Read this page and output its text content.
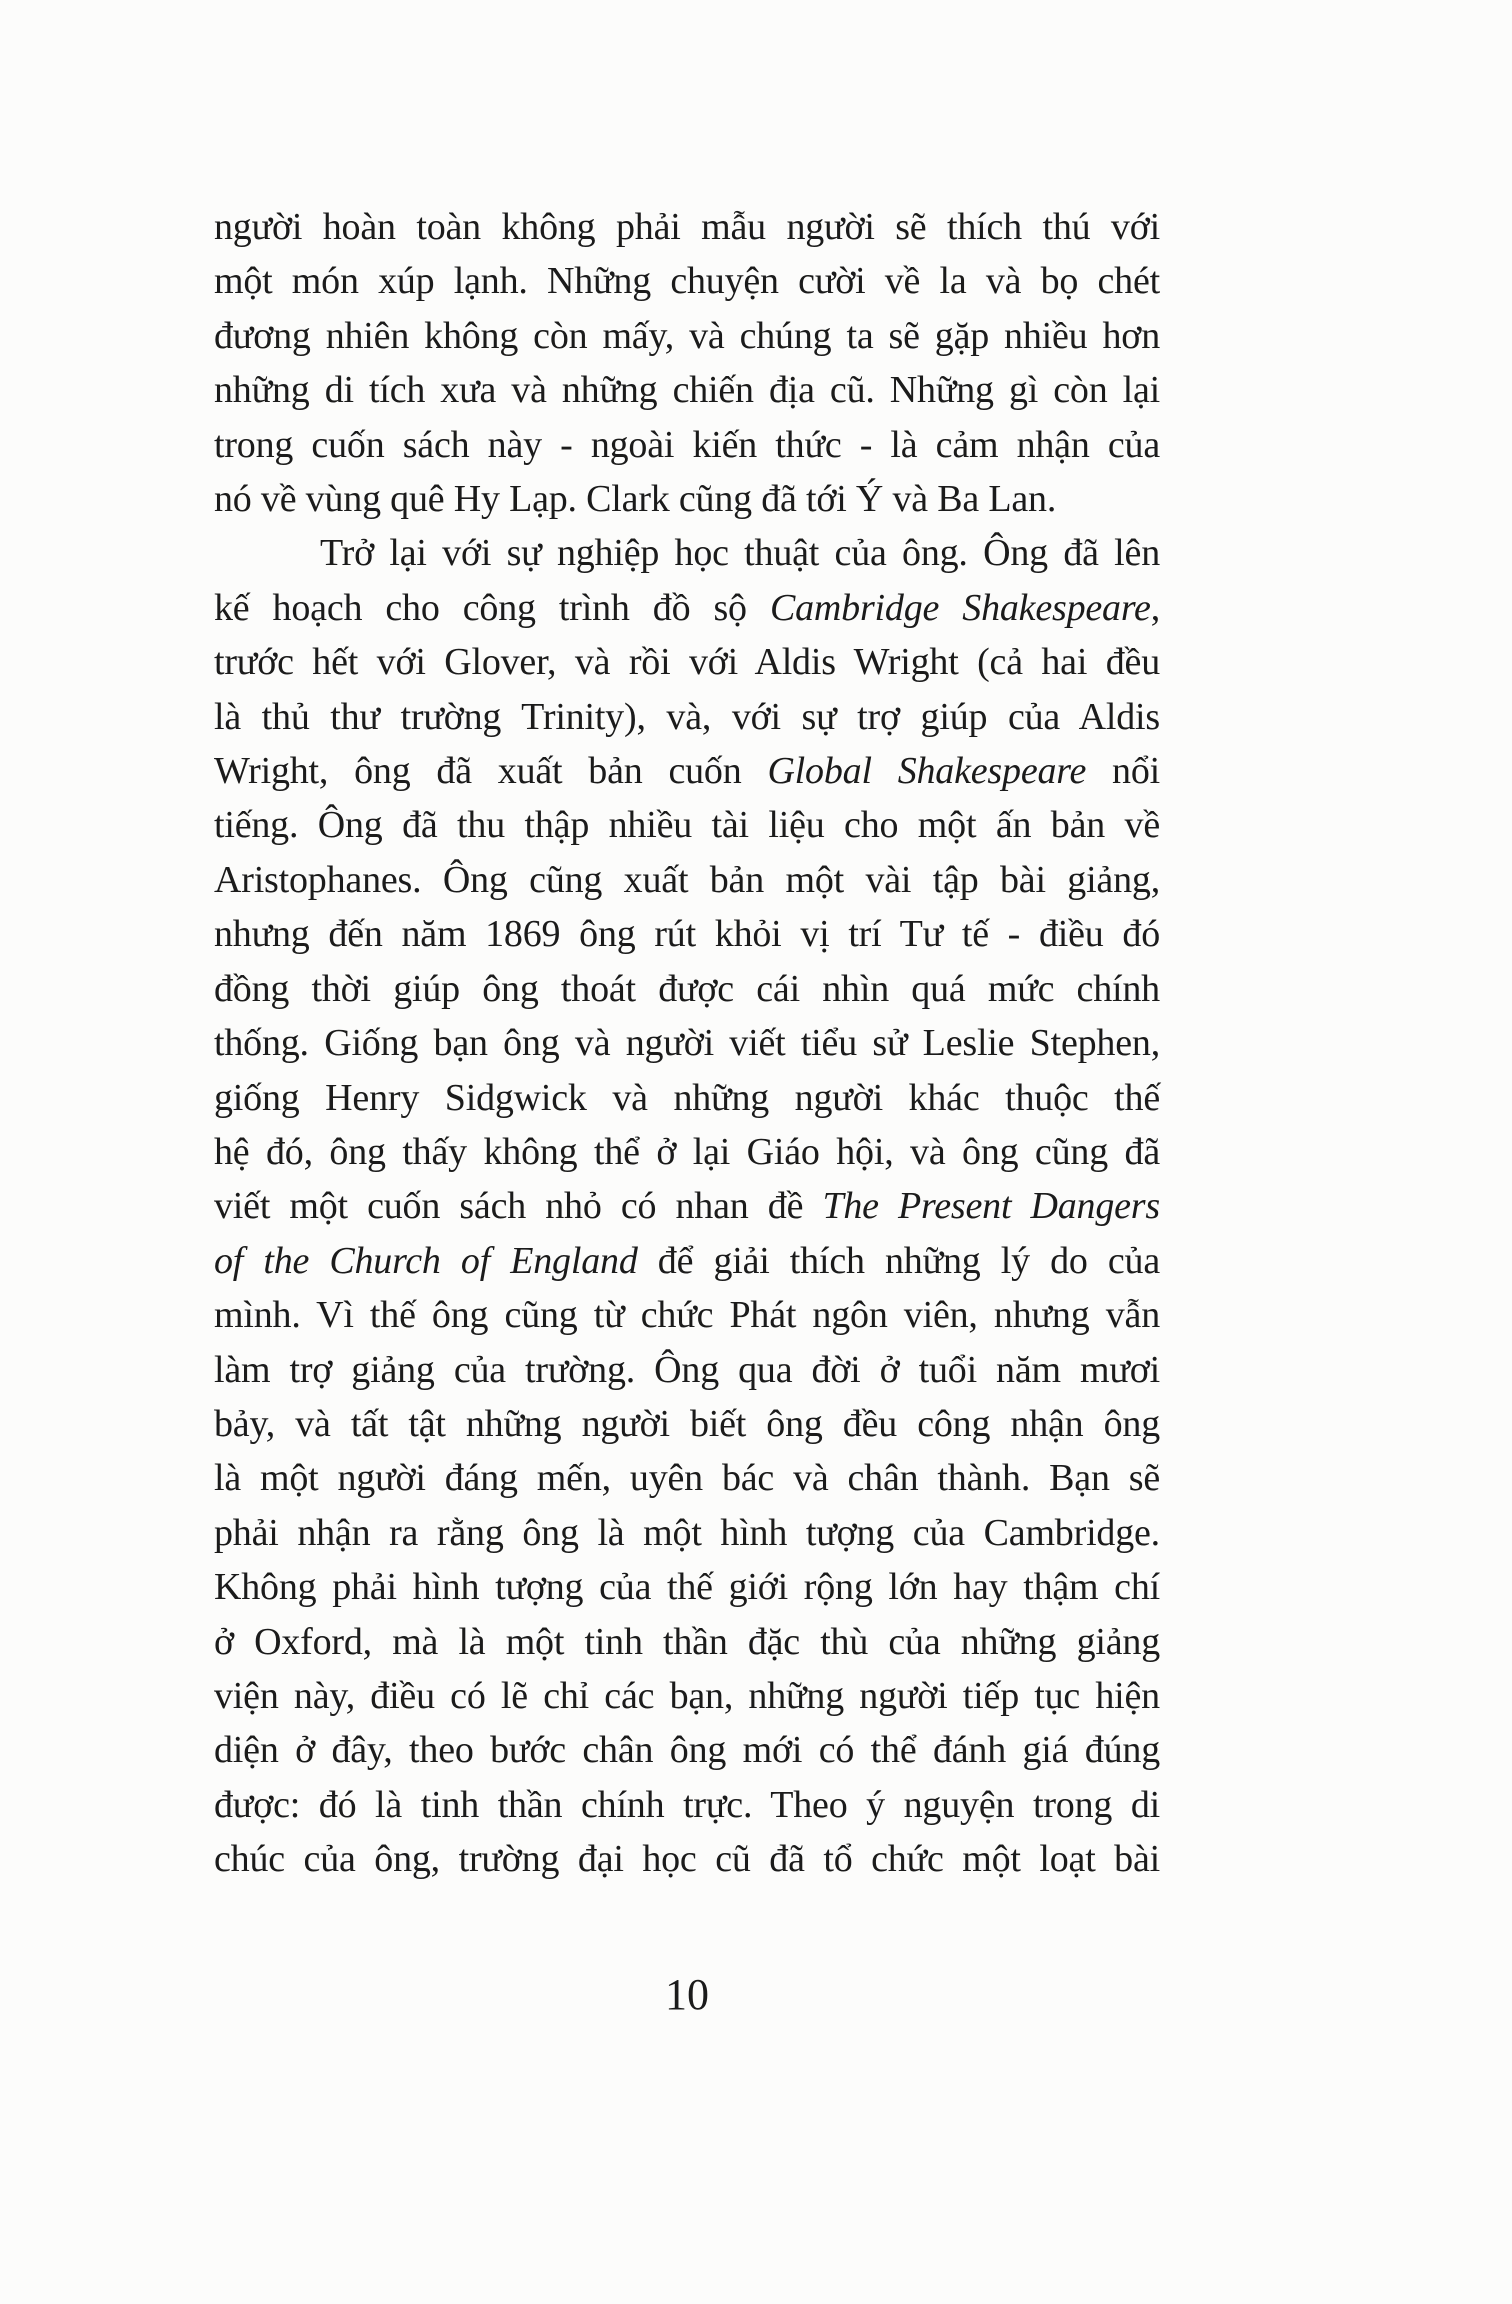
người hoàn toàn không phải mẫu người sẽ thích thú với
một món xúp lạnh. Những chuyện cười về la và bọ chét
đương nhiên không còn mấy, và chúng ta sẽ gặp nhiều hơn
những di tích xưa và những chiến địa cũ. Những gì còn lại
trong cuốn sách này - ngoài kiến thức - là cảm nhận của
nó về vùng quê Hy Lạp. Clark cũng đã tới Ý và Ba Lan.
Trở lại với sự nghiệp học thuật của ông. Ông đã lên
kế hoạch cho công trình đồ sộ Cambridge Shakespeare,
trước hết với Glover, và rồi với Aldis Wright (cả hai đều
là thủ thư trường Trinity), và, với sự trợ giúp của Aldis
Wright, ông đã xuất bản cuốn Global Shakespeare nổi
tiếng. Ông đã thu thập nhiều tài liệu cho một ấn bản về
Aristophanes. Ông cũng xuất bản một vài tập bài giảng,
nhưng đến năm 1869 ông rút khỏi vị trí Tư tế - điều đó
đồng thời giúp ông thoát được cái nhìn quá mức chính
thống. Giống bạn ông và người viết tiểu sử Leslie Stephen,
giống Henry Sidgwick và những người khác thuộc thế
hệ đó, ông thấy không thể ở lại Giáo hội, và ông cũng đã
viết một cuốn sách nhỏ có nhan đề The Present Dangers
of the Church of England để giải thích những lý do của
mình. Vì thế ông cũng từ chức Phát ngôn viên, nhưng vẫn
làm trợ giảng của trường. Ông qua đời ở tuổi năm mươi
bảy, và tất tật những người biết ông đều công nhận ông
là một người đáng mến, uyên bác và chân thành. Bạn sẽ
phải nhận ra rằng ông là một hình tượng của Cambridge.
Không phải hình tượng của thế giới rộng lớn hay thậm chí
ở Oxford, mà là một tinh thần đặc thù của những giảng
viện này, điều có lẽ chỉ các bạn, những người tiếp tục hiện
diện ở đây, theo bước chân ông mới có thể đánh giá đúng
được: đó là tinh thần chính trực. Theo ý nguyện trong di
chúc của ông, trường đại học cũ đã tổ chức một loạt bài
10
